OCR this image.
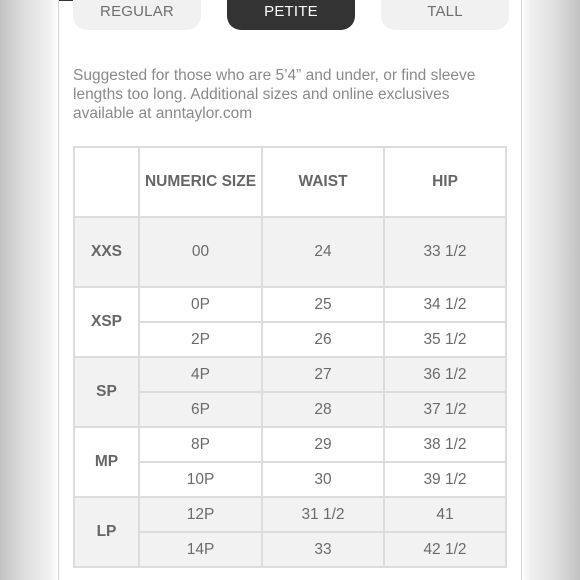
REGULAR	PETITE	TALL

Suggested for those who are 5’4” and under, or find sleeve lengths too long. Additional sizes and online exclusives available at anntaylor.com

	NUMERIC SIZE	WAIST	HIP
XXS	00	24	33 1/2
XSP	0P	25	34 1/2
	2P	26	35 1/2
SP	4P	27	36 1/2
	6P	28	37 1/2
MP	8P	29	38 1/2
	10P	30	39 1/2
LP	12P	31 1/2	41
	14P	33	42 1/2
